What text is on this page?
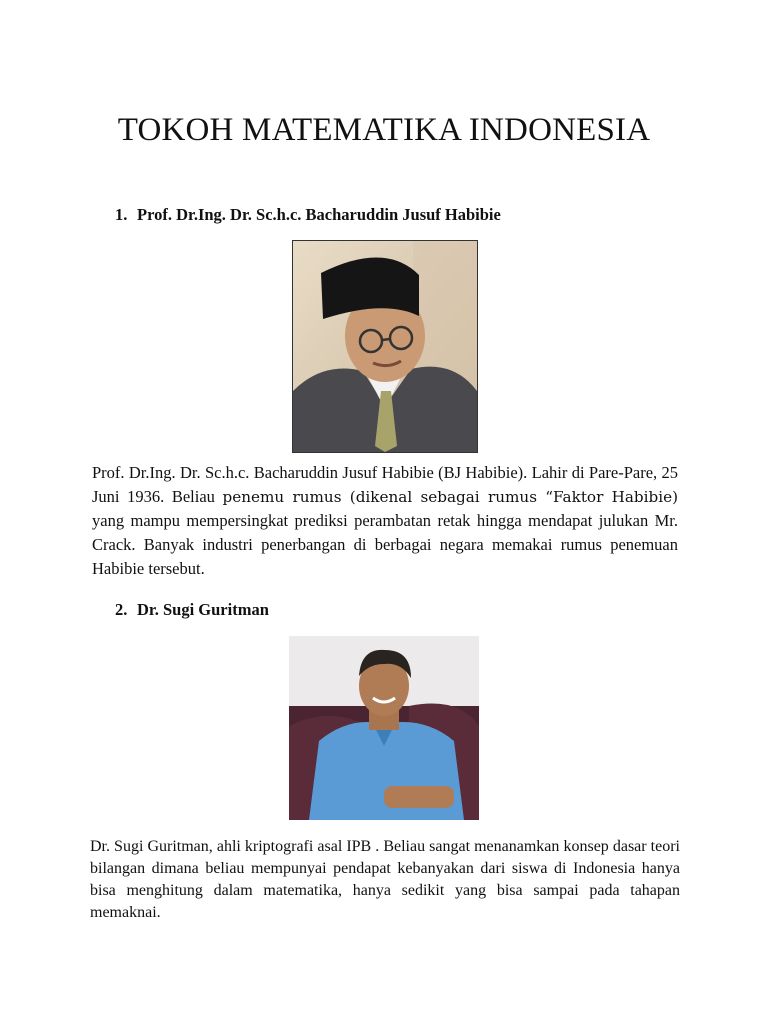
TOKOH MATEMATIKA INDONESIA
1. Prof. Dr.Ing. Dr. Sc.h.c. Bacharuddin Jusuf Habibie

Prof. Dr.Ing. Dr. Sc.h.c. Bacharuddin Jusuf Habibie (BJ Habibie). Lahir di Pare-Pare, 25 Juni 1936. Beliau penemu rumus (dikenal sebagai rumus “Faktor Habibie) yang mampu mempersingkat prediksi perambatan retak hingga mendapat julukan Mr. Crack. Banyak industri penerbangan di berbagai negara memakai rumus penemuan Habibie tersebut.

2. Dr. Sugi Guritman

Dr. Sugi Guritman, ahli kriptografi asal IPB . Beliau sangat menanamkan konsep dasar teori bilangan dimana beliau mempunyai pendapat kebanyakan dari siswa di Indonesia hanya bisa menghitung dalam matematika, hanya sedikit yang bisa sampai pada tahapan memaknai.
